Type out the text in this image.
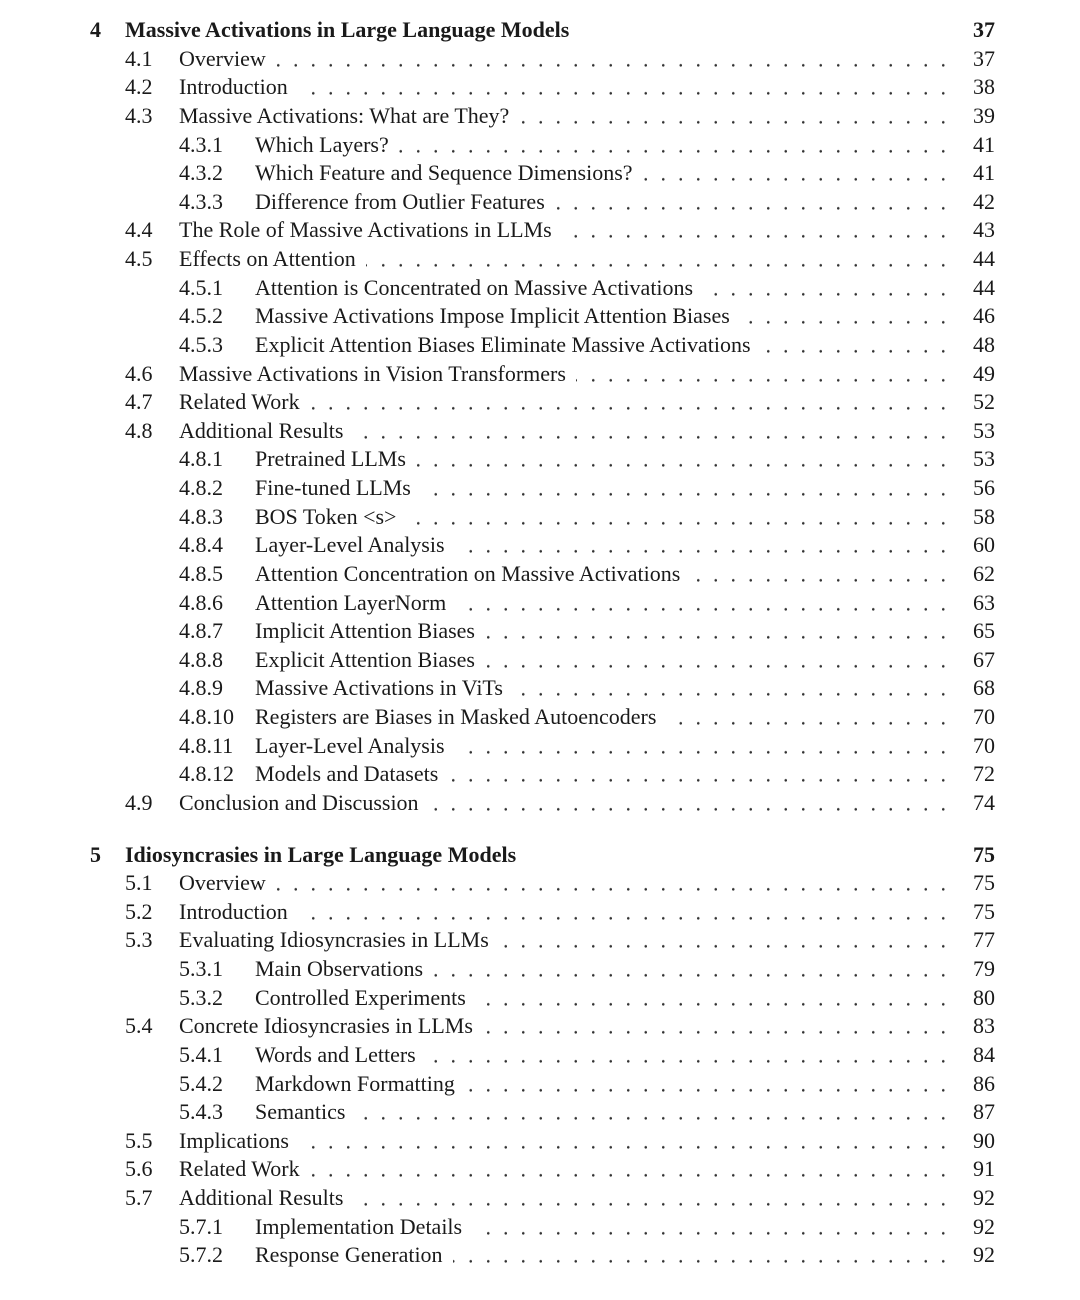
4 Massive Activations in Large Language Models	37
4.1 Overview	37
4.2 Introduction	38
4.3 Massive Activations: What are They?	39
4.3.1 Which Layers?	41
4.3.2 Which Feature and Sequence Dimensions?	41
4.3.3 Difference from Outlier Features	42
4.4 The Role of Massive Activations in LLMs	43
4.5 Effects on Attention	44
4.5.1 Attention is Concentrated on Massive Activations	44
4.5.2 Massive Activations Impose Implicit Attention Biases	46
4.5.3 Explicit Attention Biases Eliminate Massive Activations	48
4.6 Massive Activations in Vision Transformers	49
4.7 Related Work	52
4.8 Additional Results	53
4.8.1 Pretrained LLMs	53
4.8.2 Fine-tuned LLMs	56
4.8.3 BOS Token <s>	58
4.8.4 Layer-Level Analysis	60
4.8.5 Attention Concentration on Massive Activations	62
4.8.6 Attention LayerNorm	63
4.8.7 Implicit Attention Biases	65
4.8.8 Explicit Attention Biases	67
4.8.9 Massive Activations in ViTs	68
4.8.10 Registers are Biases in Masked Autoencoders	70
4.8.11 Layer-Level Analysis	70
4.8.12 Models and Datasets	72
4.9 Conclusion and Discussion	74
5 Idiosyncrasies in Large Language Models	75
5.1 Overview	75
5.2 Introduction	75
5.3 Evaluating Idiosyncrasies in LLMs	77
5.3.1 Main Observations	79
5.3.2 Controlled Experiments	80
5.4 Concrete Idiosyncrasies in LLMs	83
5.4.1 Words and Letters	84
5.4.2 Markdown Formatting	86
5.4.3 Semantics	87
5.5 Implications	90
5.6 Related Work	91
5.7 Additional Results	92
5.7.1 Implementation Details	92
5.7.2 Response Generation	92
